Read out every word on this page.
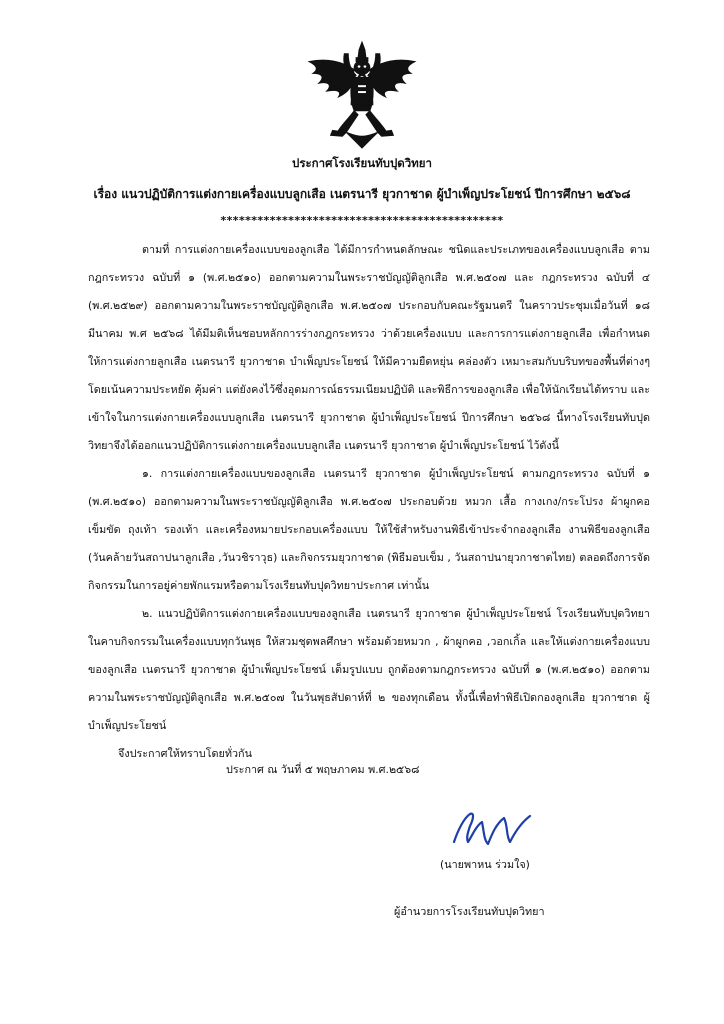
ประกาศโรงเรียนทับปุดวิทยา
เรื่อง แนวปฏิบัติการแต่งกายเครื่องแบบลูกเสือ เนตรนารี ยุวกาชาด ผู้บำเพ็ญประโยชน์ ปีการศึกษา ๒๕๖๘
**********************************************

ตามที่ การแต่งกายเครื่องแบบของลูกเสือ ได้มีการกำหนดลักษณะ ชนิดและประเภทของเครื่องแบบลูกเสือ ตามกฎกระทรวง ฉบับที่ ๑ (พ.ศ.๒๕๑๐) ออกตามความในพระราชบัญญัติลูกเสือ พ.ศ.๒๕๐๗ และ กฎกระทรวง ฉบับที่ ๔ (พ.ศ.๒๕๒๙) ออกตามความในพระราชบัญญัติลูกเสือ พ.ศ.๒๕๐๗ ประกอบกับคณะรัฐมนตรี ในคราวประชุมเมื่อวันที่ ๑๘ มีนาคม พ.ศ ๒๕๖๘ ได้มีมติเห็นชอบหลักการร่างกฎกระทรวง ว่าด้วยเครื่องแบบ และการการแต่งกายลูกเสือ เพื่อกำหนดให้การแต่งกายลูกเสือ เนตรนารี ยุวกาชาด บำเพ็ญประโยชน์ ให้มีความยืดหยุ่น คล่องตัว เหมาะสมกับบริบทของพื้นที่ต่างๆ โดยเน้นความประหยัด คุ้มค่า แต่ยังคงไว้ซึ่งอุดมการณ์ธรรมเนียมปฏิบัติ และพิธีการของลูกเสือ เพื่อให้นักเรียนได้ทราบ และเข้าใจในการแต่งกายเครื่องแบบลูกเสือ เนตรนารี ยุวกาชาด ผู้บำเพ็ญประโยชน์ ปีการศึกษา ๒๕๖๘ นี้ทางโรงเรียนทับปุดวิทยาจึงได้ออกแนวปฏิบัติการแต่งกายเครื่องแบบลูกเสือ เนตรนารี ยุวกาชาด ผู้บำเพ็ญประโยชน์ ไว้ดังนี้

๑. การแต่งกายเครื่องแบบของลูกเสือ เนตรนารี ยุวกาชาด ผู้บำเพ็ญประโยชน์ ตามกฎกระทรวง ฉบับที่ ๑ (พ.ศ.๒๕๑๐) ออกตามความในพระราชบัญญัติลูกเสือ พ.ศ.๒๕๐๗ ประกอบด้วย หมวก เสื้อ กางเกง/กระโปรง ผ้าผูกคอ เข็มขัด ถุงเท้า รองเท้า และเครื่องหมายประกอบเครื่องแบบ ให้ใช้สำหรับงานพิธีเข้าประจำกองลูกเสือ งานพิธีของลูกเสือ (วันคล้ายวันสถาปนาลูกเสือ ,วันวชิราวุธ) และกิจกรรมยุวกาชาด (พิธีมอบเข็ม , วันสถาปนายุวกาชาดไทย) ตลอดถึงการจัดกิจกรรมในการอยู่ค่ายพักแรมหรือตามโรงเรียนทับปุดวิทยาประกาศ เท่านั้น

๒. แนวปฏิบัติการแต่งกายเครื่องแบบของลูกเสือ เนตรนารี ยุวกาชาด ผู้บำเพ็ญประโยชน์ โรงเรียนทับปุดวิทยาในคาบกิจกรรมในเครื่องแบบทุกวันพุธ ให้สวมชุดพลศึกษา พร้อมด้วยหมวก , ผ้าผูกคอ ,วอกเกิ้ล และให้แต่งกายเครื่องแบบของลูกเสือ เนตรนารี ยุวกาชาด ผู้บำเพ็ญประโยชน์ เต็มรูปแบบ ถูกต้องตามกฎกระทรวง ฉบับที่ ๑ (พ.ศ.๒๕๑๐) ออกตามความในพระราชบัญญัติลูกเสือ พ.ศ.๒๕๐๗ ในวันพุธสัปดาห์ที่ ๒ ของทุกเดือน ทั้งนี้เพื่อทำพิธีเปิดกองลูกเสือ ยุวกาชาด ผู้บำเพ็ญประโยชน์

จึงประกาศให้ทราบโดยทั่วกัน

ประกาศ ณ วันที่ ๕ พฤษภาคม พ.ศ.๒๕๖๘
(นายพาหน ร่วมใจ)
ผู้อำนวยการโรงเรียนทับปุดวิทยา
